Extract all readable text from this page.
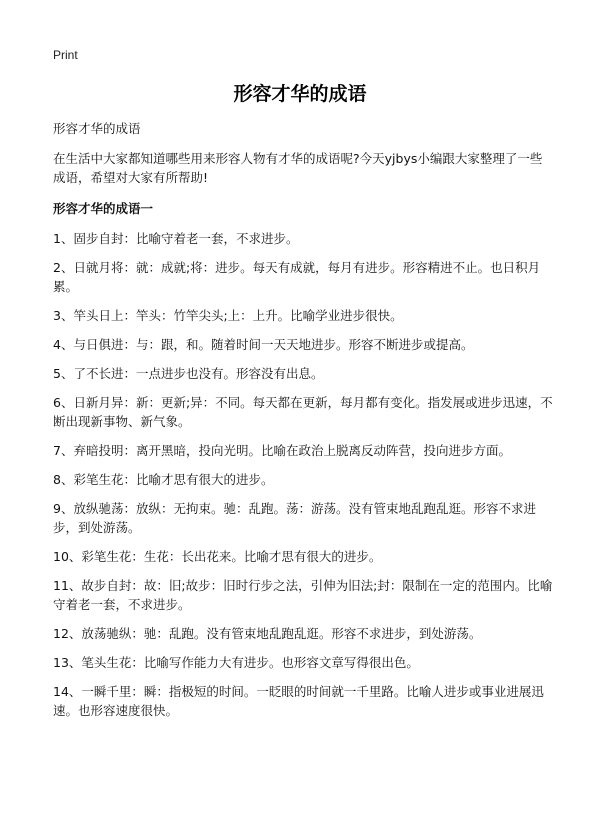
Print
形容才华的成语

形容才华的成语

在生活中大家都知道哪些用来形容人物有才华的成语呢?今天yjbys小编跟大家整理了一些成语，希望对大家有所帮助!

形容才华的成语一

1、固步自封：比喻守着老一套，不求进步。

2、日就月将：就：成就;将：进步。每天有成就，每月有进步。形容精进不止。也日积月累。

3、竿头日上：竿头：竹竿尖头;上：上升。比喻学业进步很快。

4、与日俱进：与：跟，和。随着时间一天天地进步。形容不断进步或提高。

5、了不长进：一点进步也没有。形容没有出息。

6、日新月异：新：更新;异：不同。每天都在更新，每月都有变化。指发展或进步迅速，不断出现新事物、新气象。

7、弃暗投明：离开黑暗，投向光明。比喻在政治上脱离反动阵营，投向进步方面。

8、彩笔生花：比喻才思有很大的进步。

9、放纵驰荡：放纵：无拘束。驰：乱跑。荡：游荡。没有管束地乱跑乱逛。形容不求进步，到处游荡。

10、彩笔生花：生花：长出花来。比喻才思有很大的进步。

11、故步自封：故：旧;故步：旧时行步之法，引伸为旧法;封：限制在一定的范围内。比喻守着老一套，不求进步。

12、放荡驰纵：驰：乱跑。没有管束地乱跑乱逛。形容不求进步，到处游荡。

13、笔头生花：比喻写作能力大有进步。也形容文章写得很出色。

14、一瞬千里：瞬：指极短的时间。一眨眼的时间就一千里路。比喻人进步或事业进展迅速。也形容速度很快。
